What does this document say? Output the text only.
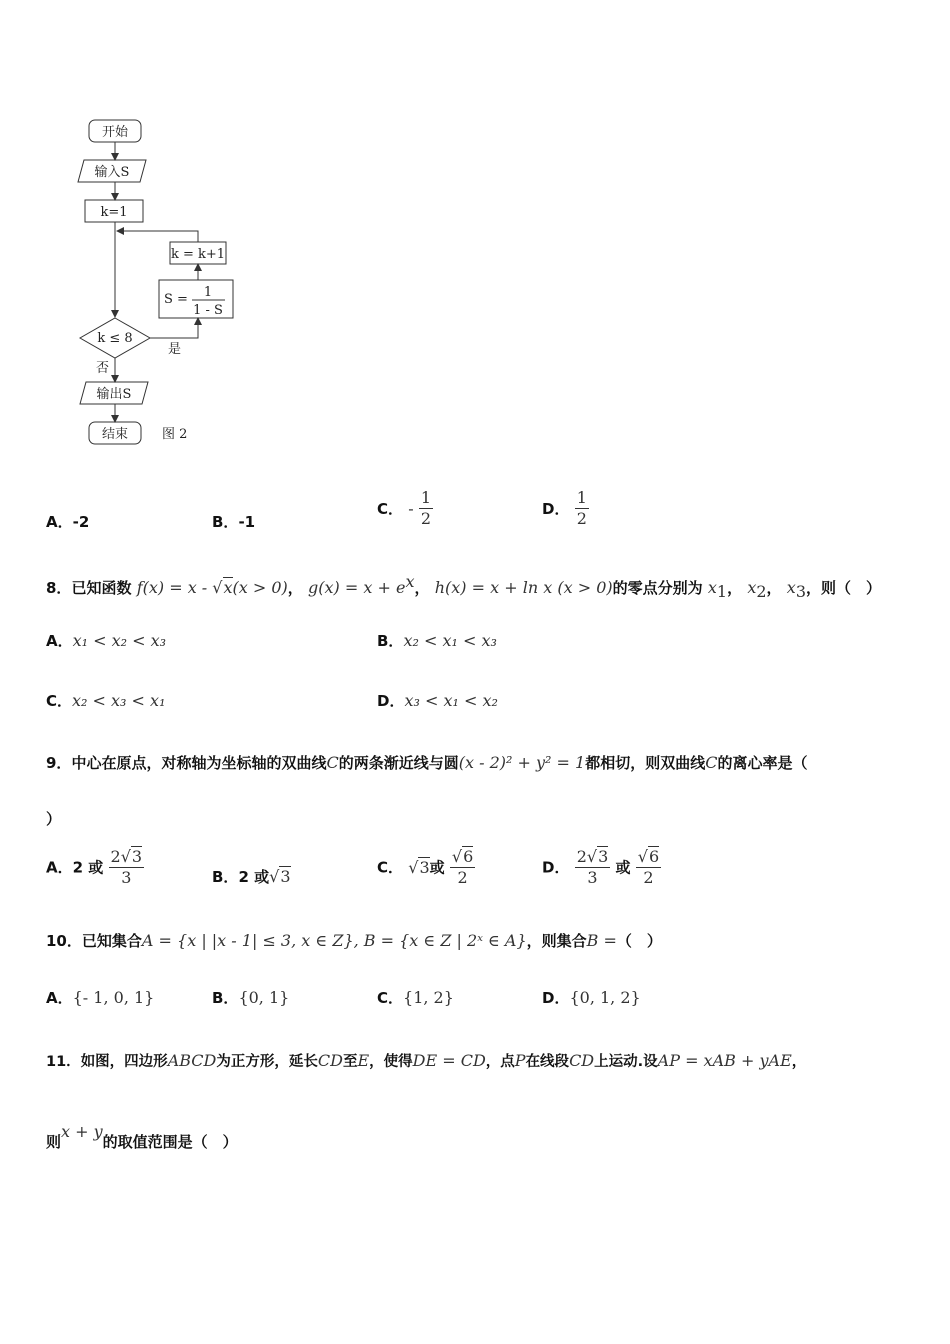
开始
输入S
k=1
k ≤ 8
是
S = 1
1 - S
k = k+1
否
输出S
结束	图 2
A．-2	B．-1
C． - $\frac{1}{2}$	D． $\frac{1}{2}$
8．已知函数 f(x) = x - √x(x > 0)， $g(x) = x + e^x$， h(x) = x + ln x (x > 0)的零点分别为 $x_1$， $x_2$， $x_3$，则（　）
A．x₁ < x₂ < x₃	B．x₂ < x₁ < x₃
C．x₂ < x₃ < x₁	D．x₃ < x₁ < x₂
9．中心在原点，对称轴为坐标轴的双曲线C的两条渐近线与圆(x - 2)² + y² = 1都相切，则双曲线C的离心率是（
）
A．2 或 $\frac{2√3}{3}$	B．2 或√3	C． √3或 $\frac{√6}{2}$	D． $\frac{2√3}{3}$ 或 $\frac{√6}{2}$
10．已知集合A = {x | |x - 1| ≤ 3, x ∈ Z}, B = {x ∈ Z | 2ˣ ∈ A}，则集合B =（　）
A．{- 1, 0, 1}	B．{0, 1}	C．{1, 2}	D．{0, 1, 2}
11．如图，四边形ABCD为正方形，延长CD至E，使得DE = CD，点P在线段CD上运动.设AP = xAB + yAE，
则x + y的取值范围是（　）
